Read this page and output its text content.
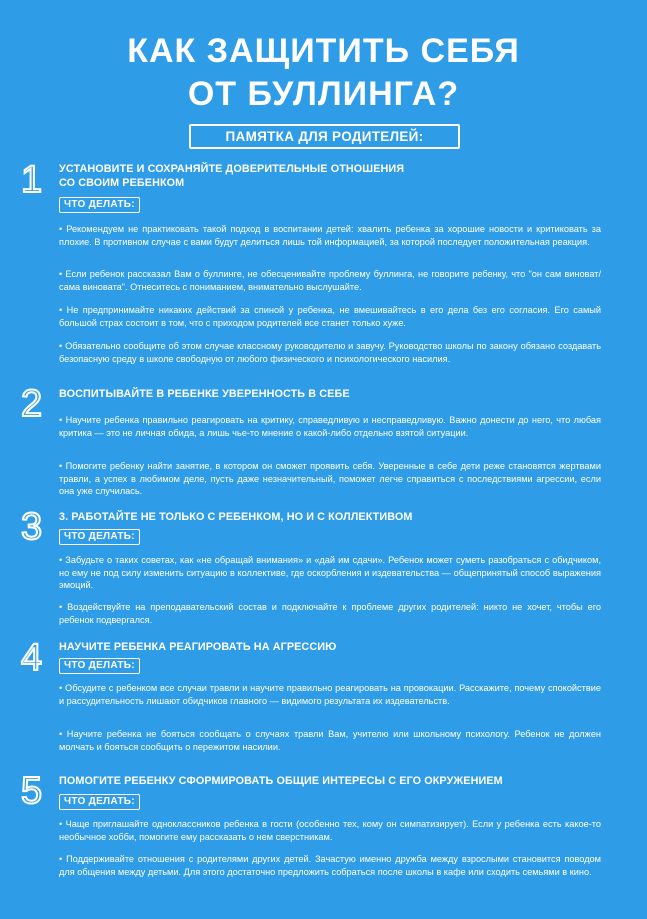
КАК ЗАЩИТИТЬ СЕБЯ
ОТ БУЛЛИНГА?
ПАМЯТКА ДЛЯ РОДИТЕЛЕЙ:
1 УСТАНОВИТЕ И СОХРАНЯЙТЕ ДОВЕРИТЕЛЬНЫЕ ОТНОШЕНИЯ
СО СВОИМ РЕБЕНКОМ
ЧТО ДЕЛАТЬ:
• Рекомендуем не практиковать такой подход в воспитании детей: хвалить ребенка за хорошие новости и критиковать за плохие. В противном случае с вами будут делиться лишь той информацией, за которой последует положительная реакция.
• Если ребенок рассказал Вам о буллинге, не обесценивайте проблему буллинга, не говорите ребенку, что "он сам виноват/сама виновата". Отнеситесь с пониманием, внимательно выслушайте.
• Не предпринимайте никаких действий за спиной у ребенка, не вмешивайтесь в его дела без его согласия. Его самый большой страх состоит в том, что с приходом родителей все станет только хуже.
• Обязательно сообщите об этом случае классному руководителю и завучу. Руководство школы по закону обязано создавать безопасную среду в школе свободную от любого физического и психологического насилия.
2 ВОСПИТЫВАЙТЕ В РЕБЕНКЕ УВЕРЕННОСТЬ В СЕБЕ
• Научите ребенка правильно реагировать на критику, справедливую и несправедливую. Важно донести до него, что любая критика — это не личная обида, а лишь чье-то мнение о какой-либо отдельно взятой ситуации.
• Помогите ребенку найти занятие, в котором он сможет проявить себя. Уверенные в себе дети реже становятся жертвами травли, а успех в любимом деле, пусть даже незначительный, поможет легче справиться с последствиями агрессии, если она уже случилась.
3 3. РАБОТАЙТЕ НЕ ТОЛЬКО С РЕБЕНКОМ, НО И С КОЛЛЕКТИВОМ
ЧТО ДЕЛАТЬ:
• Забудьте о таких советах, как «не обращай внимания» и «дай им сдачи». Ребенок может суметь разобраться с обидчиком, но ему не под силу изменить ситуацию в коллективе, где оскорбления и издевательства — общепринятый способ выражения эмоций.
• Воздействуйте на преподавательский состав и подключайте к проблеме других родителей: никто не хочет, чтобы его ребенок подвергался.
4 НАУЧИТЕ РЕБЕНКА РЕАГИРОВАТЬ НА АГРЕССИЮ
ЧТО ДЕЛАТЬ:
• Обсудите с ребенком все случаи травли и научите правильно реагировать на провокации. Расскажите, почему спокойствие и рассудительность лишают обидчиков главного — видимого результата их издевательств.
• Научите ребенка не бояться сообщать о случаях травли Вам, учителю или школьному психологу. Ребенок не должен молчать и бояться сообщить о пережитом насилии.
5 ПОМОГИТЕ РЕБЕНКУ СФОРМИРОВАТЬ ОБЩИЕ ИНТЕРЕСЫ С ЕГО ОКРУЖЕНИЕМ
ЧТО ДЕЛАТЬ:
• Чаще приглашайте одноклассников ребенка в гости (особенно тех, кому он симпатизирует). Если у ребенка есть какое-то необычное хобби, помогите ему рассказать о нем сверстникам.
• Поддерживайте отношения с родителями других детей. Зачастую именно дружба между взрослыми становится поводом для общения между детьми. Для этого достаточно предложить собраться после школы в кафе или сходить семьями в кино.
